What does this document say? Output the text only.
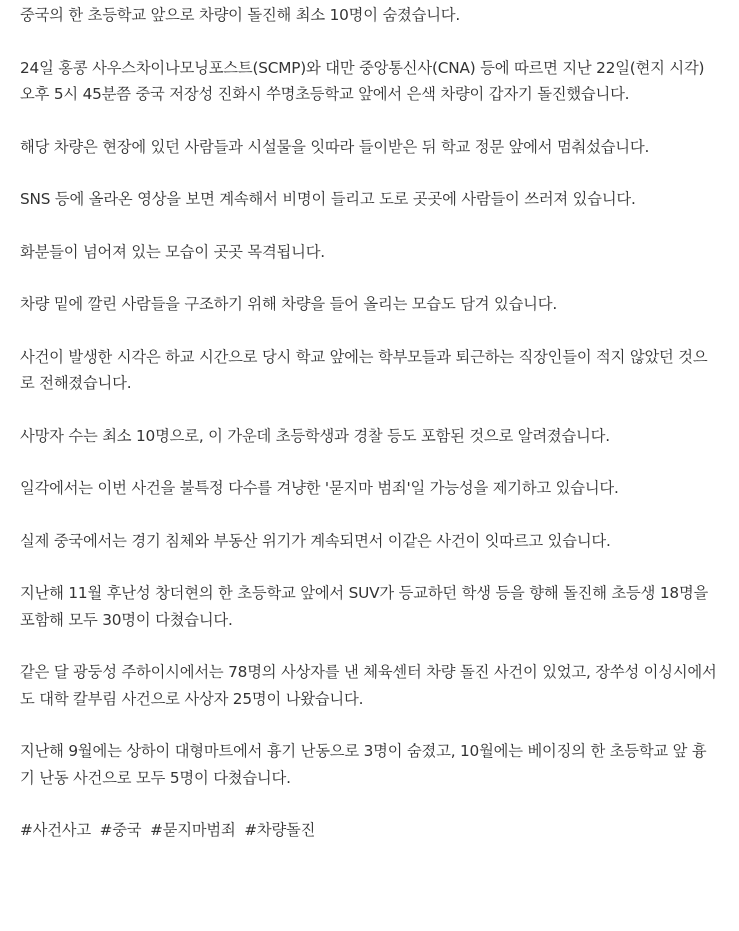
중국의 한 초등학교 앞으로 차량이 돌진해 최소 10명이 숨졌습니다.

24일 홍콩 사우스차이나모닝포스트(SCMP)와 대만 중앙통신사(CNA) 등에 따르면 지난 22일(현지 시각) 오후 5시 45분쯤 중국 저장성 진화시 쑤명초등학교 앞에서 은색 차량이 갑자기 돌진했습니다.

해당 차량은 현장에 있던 사람들과 시설물을 잇따라 들이받은 뒤 학교 정문 앞에서 멈춰섰습니다.

SNS 등에 올라온 영상을 보면 계속해서 비명이 들리고 도로 곳곳에 사람들이 쓰러져 있습니다.

화분들이 넘어져 있는 모습이 곳곳 목격됩니다.

차량 밑에 깔린 사람들을 구조하기 위해 차량을 들어 올리는 모습도 담겨 있습니다.

사건이 발생한 시각은 하교 시간으로 당시 학교 앞에는 학부모들과 퇴근하는 직장인들이 적지 않았던 것으로 전해졌습니다.

사망자 수는 최소 10명으로, 이 가운데 초등학생과 경찰 등도 포함된 것으로 알려졌습니다.

일각에서는 이번 사건을 불특정 다수를 겨냥한 '묻지마 범죄'일 가능성을 제기하고 있습니다.

실제 중국에서는 경기 침체와 부동산 위기가 계속되면서 이같은 사건이 잇따르고 있습니다.

지난해 11월 후난성 창더현의 한 초등학교 앞에서 SUV가 등교하던 학생 등을 향해 돌진해 초등생 18명을 포함해 모두 30명이 다쳤습니다.

같은 달 광둥성 주하이시에서는 78명의 사상자를 낸 체육센터 차량 돌진 사건이 있었고, 장쑤성 이싱시에서도 대학 칼부림 사건으로 사상자 25명이 나왔습니다.

지난해 9월에는 상하이 대형마트에서 흉기 난동으로 3명이 숨졌고, 10월에는 베이징의 한 초등학교 앞 흉기 난동 사건으로 모두 5명이 다쳤습니다.

#사건사고 #중국 #묻지마범죄 #차량돌진
